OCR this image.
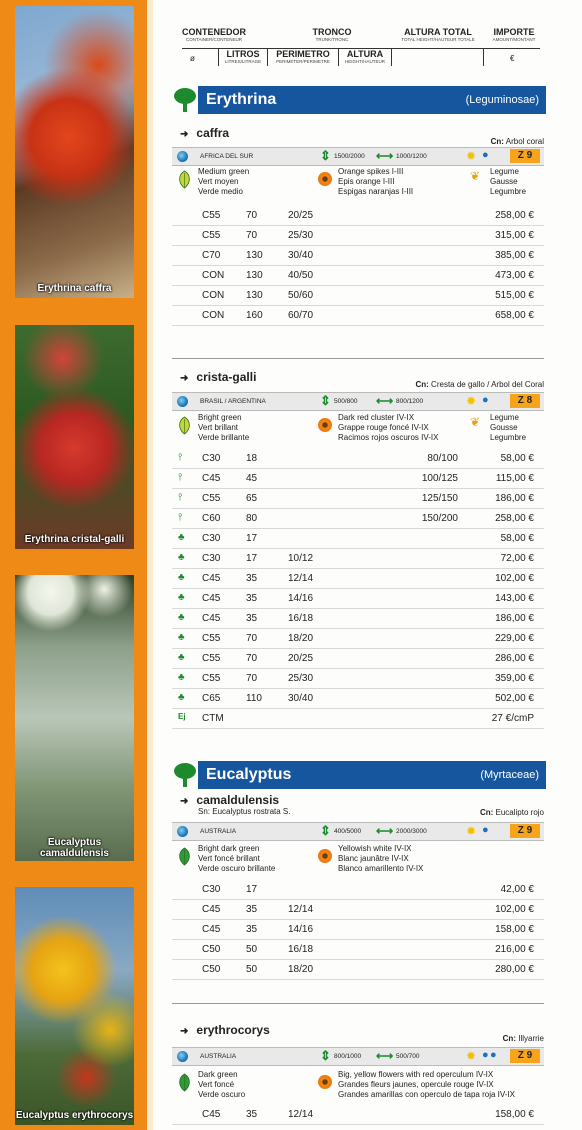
Erythrina caffra
Erythrina cristal-galli
Eucalyptus camaldulensis
Eucalyptus erythrocorys
CONTENEDOR
CONTAINER/CONTENEUR
TRONCO
TRUNK/TRONC
ALTURA TOTAL
TOTAL HEIGHT/HAUTEUR TOTALE
IMPORTE
AMOUNT/MONTANT
ø	LITROS
LITRES/LITRAGE
PERIMETRO
PERIMETER/PERIMETRE
ALTURA
HEIGHT/HAUTEUR	€
Erythrina	(Leguminosae)
➜ caffra
Cn: Arbol coral
AFRICA DEL SUR	⇕ 1500/2000 ⟷ 1000/1200	✹ ●	Z 9
Medium green
Vert moyen
Verde medio
Orange spikes I-III
Epis orange I-III
Espigas naranjas I-III
❦ Legume
Gausse
Legumbre
C55	70	20/25	258,00 €
C55	70	25/30	315,00 €
C70	130	30/40	385,00 €
CON 130	40/50	473,00 €
CON 130	50/60	515,00 €
CON 160	60/70	658,00 €
➜ crista-galli
Cn: Cresta de gallo / Arbol del Coral
BRASIL / ARGENTINA	⇕ 500/800 ⟷ 800/1200	✹ ●	Z 8
Bright green
Vert brillant
Verde brillante
Dark red cluster IV-IX
Grappe rouge foncé IV-IX
Racimos rojos oscuros IV-IX
❦ Legume
Gousse
Legumbre
⫯ C30	18	80/100	58,00 €
⫯ C45	45	100/125	115,00 €
⫯ C55	65	125/150	186,00 €
⫯ C60	80	150/200	258,00 €
♣ C30	17	58,00 €
♣ C30	17	10/12	72,00 €
♣ C45	35	12/14	102,00 €
♣ C45	35	14/16	143,00 €
♣ C45	35	16/18	186,00 €
♣ C55	70	18/20	229,00 €
♣ C55	70	20/25	286,00 €
♣ C55	70	25/30	359,00 €
♣ C65	110	30/40	502,00 €
Ej CTM	27 €/cmP
Eucalyptus	(Myrtaceae)
➜ camaldulensis
Sn: Eucalyptus rostrata S.	Cn: Eucalipto rojo
AUSTRALIA	⇕ 400/5000 ⟷ 2000/3000	✹ ●	Z 9
Bright dark green
Vert foncé brillant
Verde oscuro brillante
Yellowish white IV-IX
Blanc jaunâtre IV-IX
Blanco amarillento IV-IX
C30	17	42,00 €
C45	35	12/14	102,00 €
C45	35	14/16	158,00 €
C50	50	16/18	216,00 €
C50	50	18/20	280,00 €
➜ erythrocorys
Cn: Illyarrie
AUSTRALIA	⇕ 800/1000 ⟷ 500/700	✹ ● ●	Z 9
Dark green
Vert foncé
Verde oscuro
Big, yellow flowers with red operculum IV-IX
Grandes fleurs jaunes, opercule rouge IV-IX
Grandes amarillas con operculo de tapa roja IV-IX
C45	35	12/14	158,00 €
